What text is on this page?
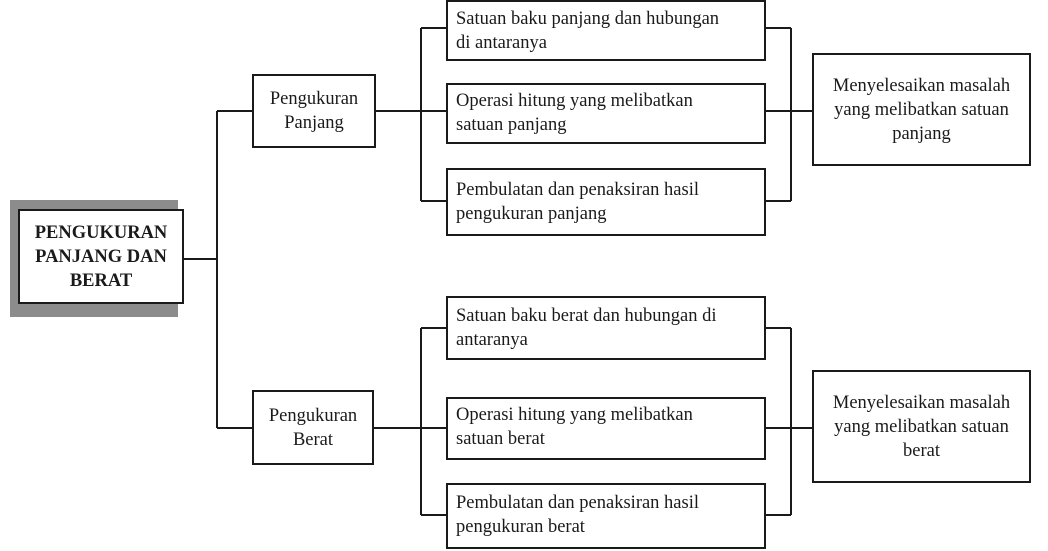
PENGUKURAN
PANJANG DAN
BERAT
Pengukuran
Panjang
Satuan baku panjang dan hubungan
di antaranya
Operasi hitung yang melibatkan
satuan panjang
Pembulatan dan penaksiran hasil
pengukuran panjang
Menyelesaikan masalah
yang melibatkan satuan
panjang
Pengukuran
Berat
Satuan baku berat dan hubungan di
antaranya
Operasi hitung yang melibatkan
satuan berat
Pembulatan dan penaksiran hasil
pengukuran berat
Menyelesaikan masalah
yang melibatkan satuan
berat
